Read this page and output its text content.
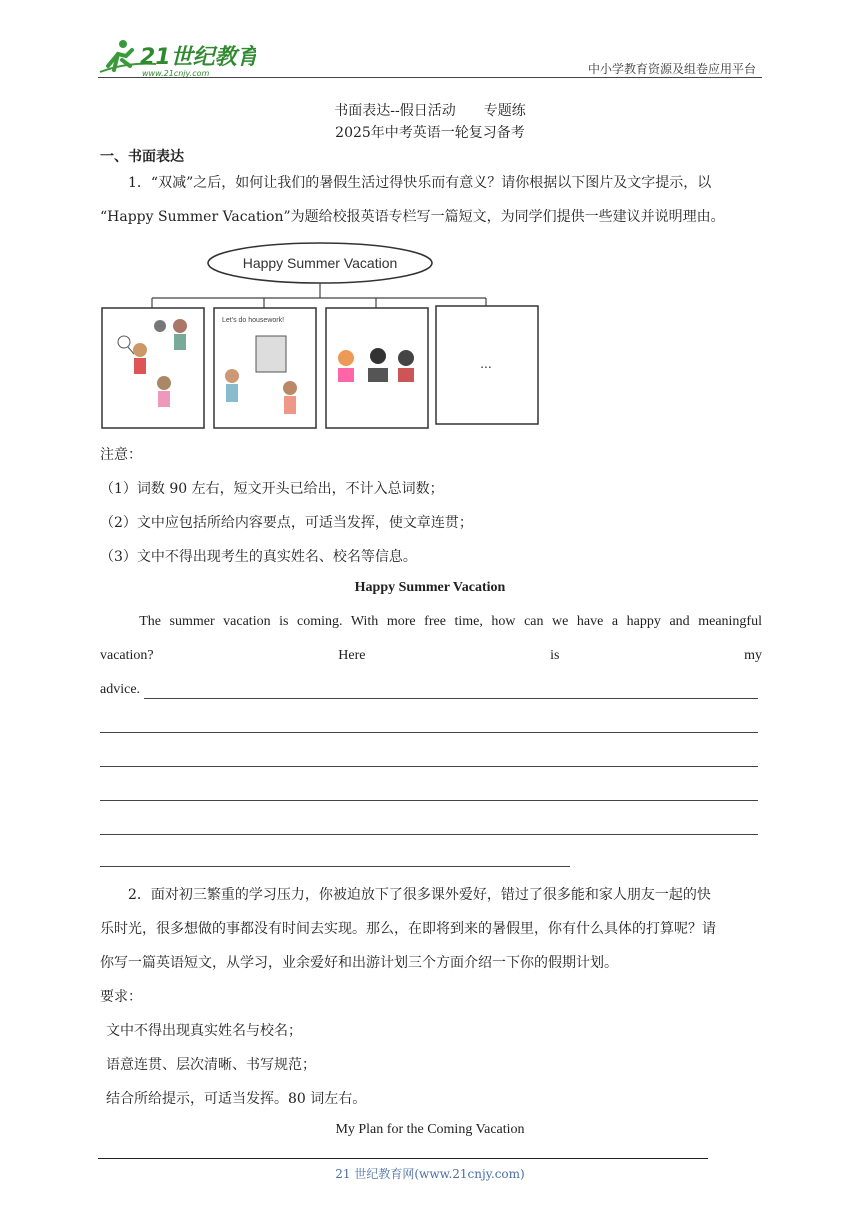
21世纪教育
www.21cnjy.com	中小学教育资源及组卷应用平台
书面表达--假日活动　　专题练
2025年中考英语一轮复习备考
一、书面表达
1．“双减”之后，如何让我们的暑假生活过得快乐而有意义？请你根据以下图片及文字提示，以
“Happy Summer Vacation”为题给校报英语专栏写一篇短文，为同学们提供一些建议并说明理由。
Happy Summer Vacation
Let's do housework!
...
注意：
（1）词数 90 左右，短文开头已给出，不计入总词数；
（2）文中应包括所给内容要点，可适当发挥，使文章连贯；
（3）文中不得出现考生的真实姓名、校名等信息。
Happy Summer Vacation
The summer vacation is coming. With more free time, how can we have a happy and meaningful
vacation?	Here	is	my
advice.
2．面对初三繁重的学习压力，你被迫放下了很多课外爱好，错过了很多能和家人朋友一起的快
乐时光，很多想做的事都没有时间去实现。那么，在即将到来的暑假里，你有什么具体的打算呢？请
你写一篇英语短文，从学习，业余爱好和出游计划三个方面介绍一下你的假期计划。
要求：
文中不得出现真实姓名与校名；
语意连贯、层次清晰、书写规范；
结合所给提示，可适当发挥。80 词左右。
My Plan for the Coming Vacation
21 世纪教育网(www.21cnjy.com)
